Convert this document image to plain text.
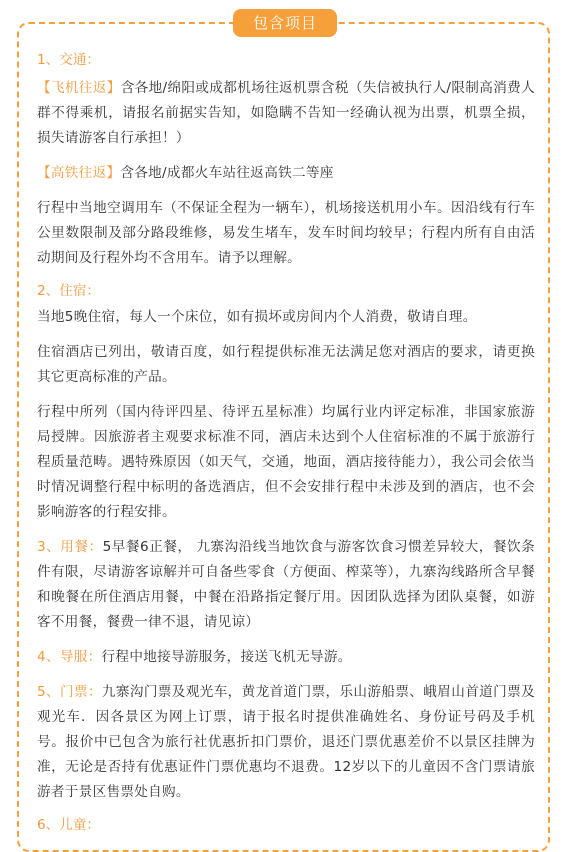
包含项目
1、交通：

【飞机往返】含各地/绵阳或成都机场往返机票含税（失信被执行人/限制高消费人群不得乘机，请报名前据实告知，如隐瞒不告知一经确认视为出票，机票全损，损失请游客自行承担！）

【高铁往返】含各地/成都火车站往返高铁二等座

行程中当地空调用车（不保证全程为一辆车），机场接送机用小车。因沿线有行车公里数限制及部分路段维修，易发生堵车，发车时间均较早；行程内所有自由活动期间及行程外均不含用车。请予以理解。

2、住宿：

当地5晚住宿，每人一个床位，如有损坏或房间内个人消费，敬请自理。

住宿酒店已列出，敬请百度，如行程提供标准无法满足您对酒店的要求，请更换其它更高标准的产品。

行程中所列（国内待评四星、待评五星标准）均属行业内评定标准，非国家旅游局授牌。因旅游者主观要求标准不同，酒店未达到个人住宿标准的不属于旅游行程质量范畴。遇特殊原因（如天气，交通，地面，酒店接待能力），我公司会依当时情况调整行程中标明的备选酒店，但不会安排行程中未涉及到的酒店，也不会影响游客的行程安排。

3、用餐：5早餐6正餐， 九寨沟沿线当地饮食与游客饮食习惯差异较大，餐饮条件有限，尽请游客谅解并可自备些零食（方便面、榨菜等），九寨沟线路所含早餐和晚餐在所住酒店用餐，中餐在沿路指定餐厅用。因团队选择为团队桌餐，如游客不用餐，餐费一律不退，请见谅）

4、导服：行程中地接导游服务，接送飞机无导游。

5、门票：九寨沟门票及观光车，黄龙首道门票，乐山游船票、峨眉山首道门票及观光车．因各景区为网上订票，请于报名时提供准确姓名、身份证号码及手机号。报价中已包含为旅行社优惠折扣门票价，退还门票优惠差价不以景区挂牌为准，无论是否持有优惠证件门票优惠均不退费。12岁以下的儿童因不含门票请旅游者于景区售票处自购。

6、儿童：
